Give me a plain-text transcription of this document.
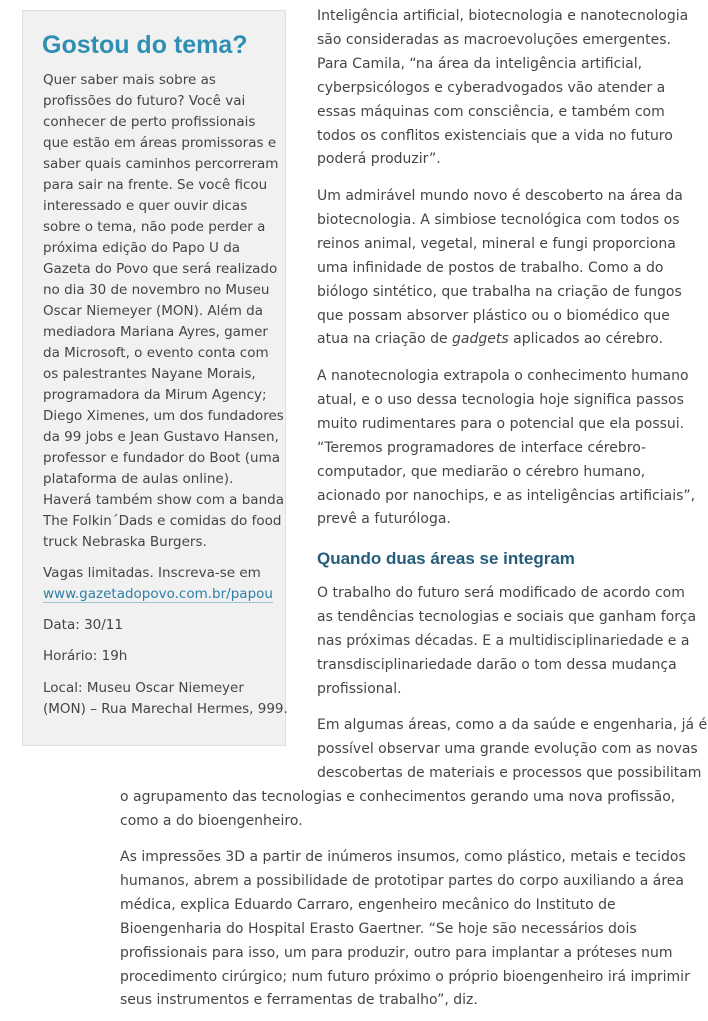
Gostou do tema?

Quer saber mais sobre as
profissões do futuro? Você vai
conhecer de perto profissionais
que estão em áreas promissoras e
saber quais caminhos percorreram
para sair na frente. Se você ficou
interessado e quer ouvir dicas
sobre o tema, não pode perder a
próxima edição do Papo U da
Gazeta do Povo que será realizado
no dia 30 de novembro no Museu
Oscar Niemeyer (MON). Além da
mediadora Mariana Ayres, gamer
da Microsoft, o evento conta com
os palestrantes Nayane Morais,
programadora da Mirum Agency;
Diego Ximenes, um dos fundadores
da 99 jobs e Jean Gustavo Hansen,
professor e fundador do Boot (uma
plataforma de aulas online).
Haverá também show com a banda
The Folkin´Dads e comidas do food
truck Nebraska Burgers.

Vagas limitadas. Inscreva-se em
www.gazetadopovo.com.br/papou

Data: 30/11

Horário: 19h

Local: Museu Oscar Niemeyer
(MON) – Rua Marechal Hermes, 999.

Inteligência artificial, biotecnologia e nanotecnologia
são consideradas as macroevoluções emergentes.
Para Camila, “na área da inteligência artificial,
cyberpsicólogos e cyberadvogados vão atender a
essas máquinas com consciência, e também com
todos os conflitos existenciais que a vida no futuro
poderá produzir”.

Um admirável mundo novo é descoberto na área da
biotecnologia. A simbiose tecnológica com todos os
reinos animal, vegetal, mineral e fungi proporciona
uma infinidade de postos de trabalho. Como a do
biólogo sintético, que trabalha na criação de fungos
que possam absorver plástico ou o biomédico que
atua na criação de gadgets aplicados ao cérebro.

A nanotecnologia extrapola o conhecimento humano
atual, e o uso dessa tecnologia hoje significa passos
muito rudimentares para o potencial que ela possui.
“Teremos programadores de interface cérebro-
computador, que mediarão o cérebro humano,
acionado por nanochips, e as inteligências artificiais”,
prevê a futuróloga.

Quando duas áreas se integram

O trabalho do futuro será modificado de acordo com
as tendências tecnologias e sociais que ganham força
nas próximas décadas. E a multidisciplinariedade e a
transdisciplinariedade darão o tom dessa mudança
profissional.

Em algumas áreas, como a da saúde e engenharia, já é
possível observar uma grande evolução com as novas
descobertas de materiais e processos que possibilitam

o agrupamento das tecnologias e conhecimentos gerando uma nova profissão,
como a do bioengenheiro.

As impressões 3D a partir de inúmeros insumos, como plástico, metais e tecidos
humanos, abrem a possibilidade de prototipar partes do corpo auxiliando a área
médica, explica Eduardo Carraro, engenheiro mecânico do Instituto de
Bioengenharia do Hospital Erasto Gaertner. “Se hoje são necessários dois
profissionais para isso, um para produzir, outro para implantar a próteses num
procedimento cirúrgico; num futuro próximo o próprio bioengenheiro irá imprimir
seus instrumentos e ferramentas de trabalho”, diz.
